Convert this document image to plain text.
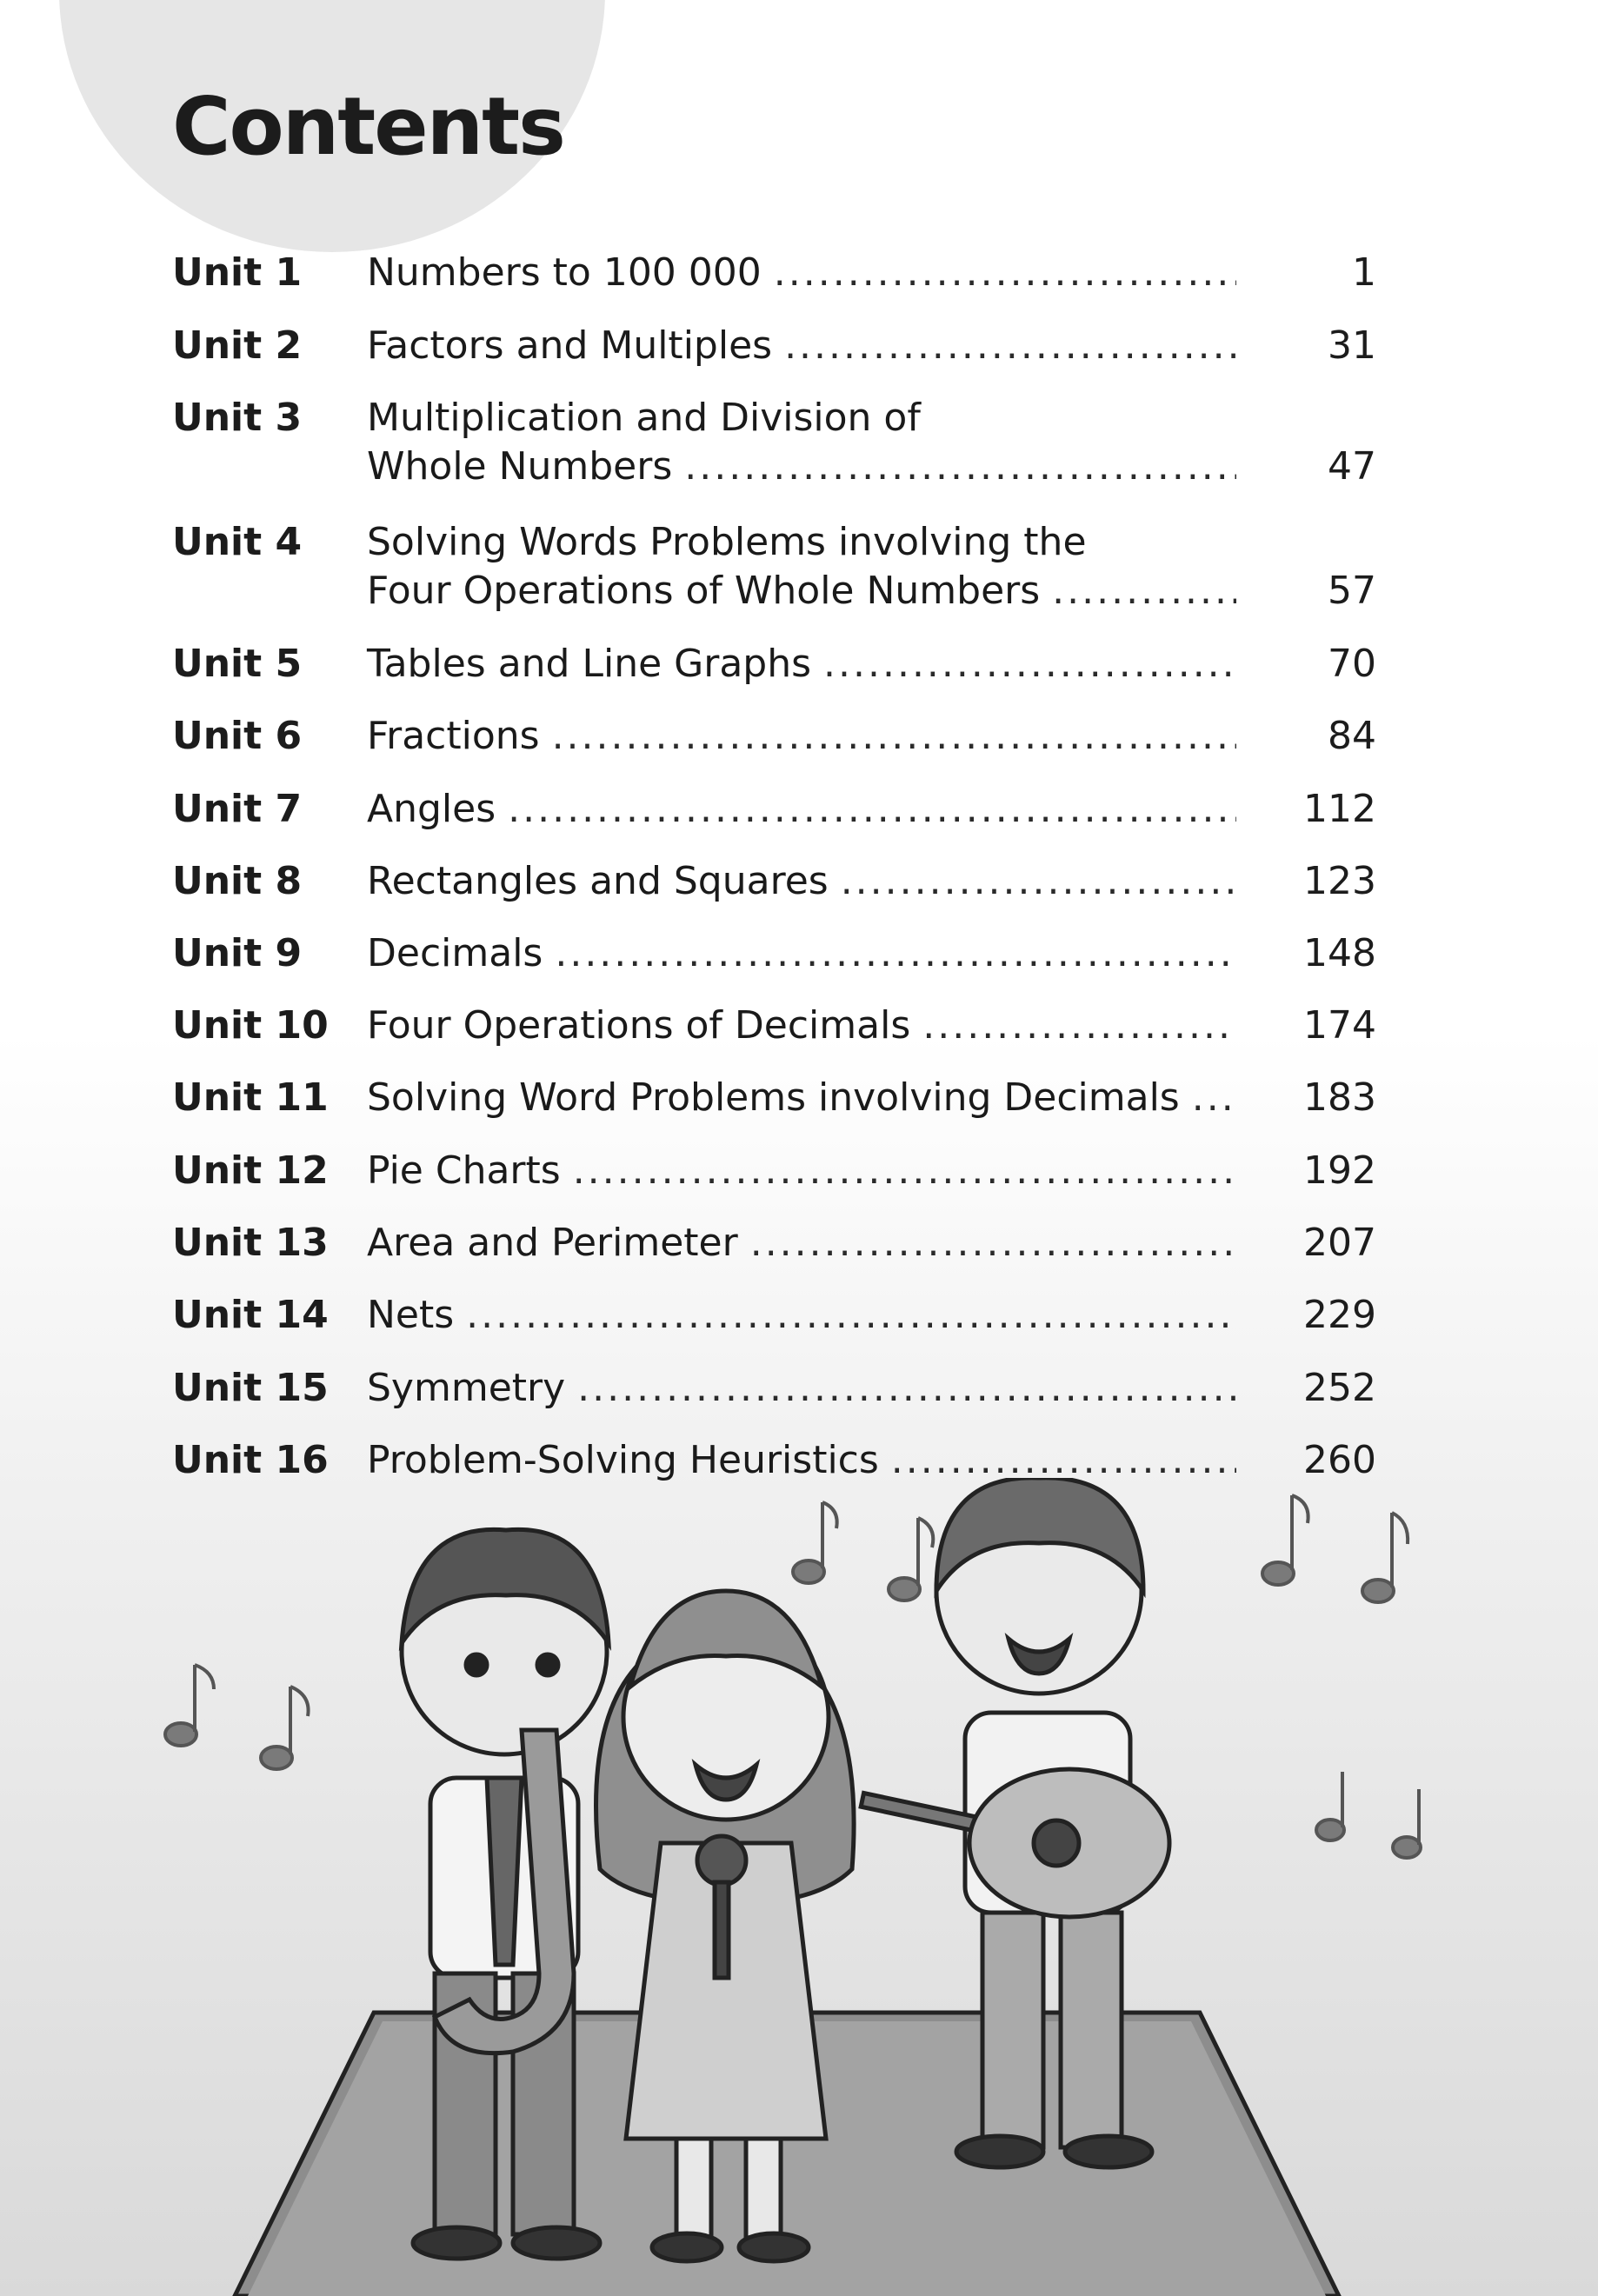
Contents
Unit 1 Numbers to 100 000 .....	1
Unit 2 Factors and Multiples .....	31
Unit 3 Multiplication and Division of
Whole Numbers .....	47
Unit 4 Solving Words Problems involving the
Four Operations of Whole Numbers .....	57
Unit 5 Tables and Line Graphs .....	70
Unit 6 Fractions .....	84
Unit 7 Angles .....	112
Unit 8 Rectangles and Squares .....	123
Unit 9 Decimals .....	148
Unit 10 Four Operations of Decimals .....	174
Unit 11 Solving Word Problems involving Decimals .....	183
Unit 12 Pie Charts .....	192
Unit 13 Area and Perimeter .....	207
Unit 14 Nets .....	229
Unit 15 Symmetry .....	252
Unit 16 Problem-Solving Heuristics .....	260
